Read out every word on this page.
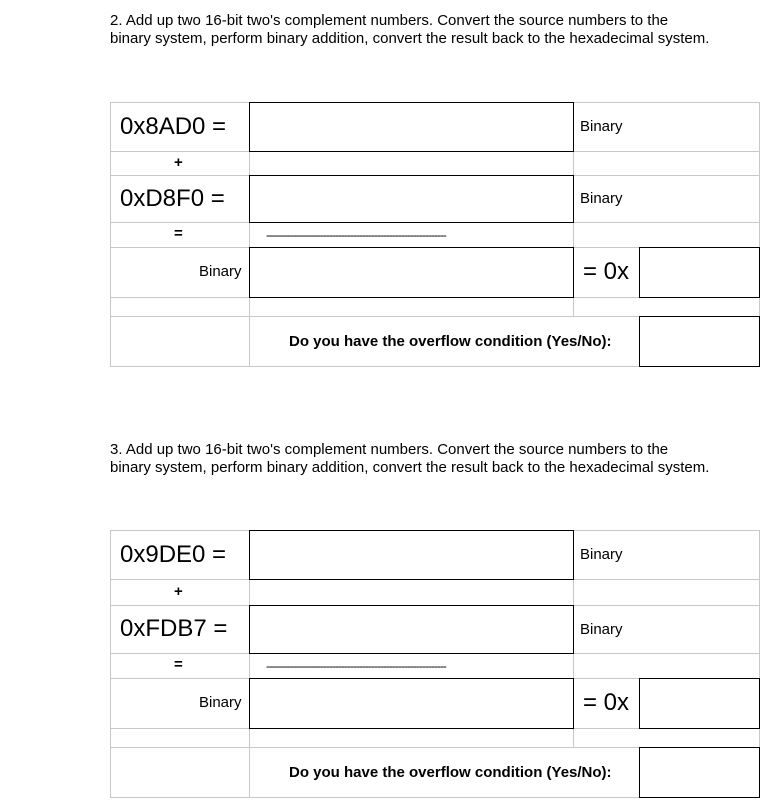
2. Add up two 16-bit two's complement numbers. Convert the source numbers to the binary system, perform binary addition, convert the result back to the hexadecimal system.
0x8AD0 =	Binary
+
0xD8F0 =	Binary
=	------------------------------------------------------------
Binary	= 0x
Do you have the overflow condition (Yes/No):
3. Add up two 16-bit two's complement numbers. Convert the source numbers to the binary system, perform binary addition, convert the result back to the hexadecimal system.
0x9DE0 =	Binary
+
0xFDB7 =	Binary
=	------------------------------------------------------------
Binary	= 0x
Do you have the overflow condition (Yes/No):
